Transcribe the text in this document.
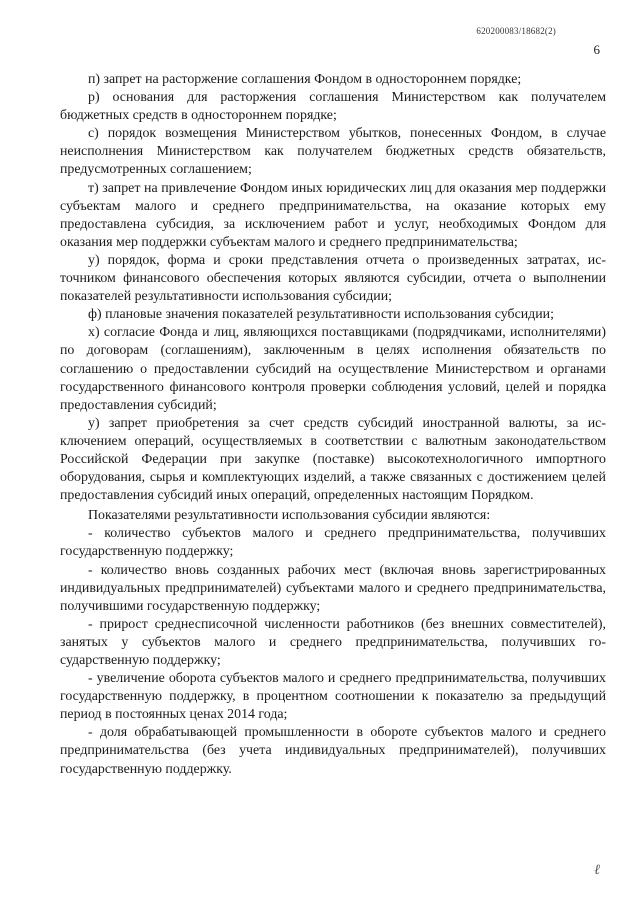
620200083/18682(2)
6

п) запрет на расторжение соглашения Фондом в одностороннем порядке;

р) основания для расторжения соглашения Министерством как получателем бюджетных средств в одностороннем порядке;

с) порядок возмещения Министерством убытков, понесенных Фондом, в случае неисполнения Министерством как получателем бюджетных средств обязательств, предусмотренных соглашением;

т) запрет на привлечение Фондом иных юридических лиц для оказания мер поддержки субъектам малого и среднего предпринимательства, на оказание которых ему предоставлена субсидия, за исключением работ и услуг, необходимых Фондом для оказания мер поддержки субъектам малого и среднего предпринимательства;

у) порядок, форма и сроки представления отчета о произведенных затратах, источником финансового обеспечения которых являются субсидии, отчета о выполнении показателей результативности использования субсидии;

ф) плановые значения показателей результативности использования субсидии;

х) согласие Фонда и лиц, являющихся поставщиками (подрядчиками, исполнителями) по договорам (соглашениям), заключенным в целях исполнения обязательств по соглашению о предоставлении субсидий на осуществление Министерством и органами государственного финансового контроля проверки соблюдения условий, целей и порядка предоставления субсидий;

у) запрет приобретения за счет средств субсидий иностранной валюты, за исключением операций, осуществляемых в соответствии с валютным законодательством Российской Федерации при закупке (поставке) высокотехнологичного импортного оборудования, сырья и комплектующих изделий, а также связанных с достижением целей предоставления субсидий иных операций, определенных настоящим Порядком.

Показателями результативности использования субсидии являются:

- количество субъектов малого и среднего предпринимательства, получивших государственную поддержку;

- количество вновь созданных рабочих мест (включая вновь зарегистрированных индивидуальных предпринимателей) субъектами малого и среднего предпринимательства, получившими государственную поддержку;

- прирост среднесписочной численности работников (без внешних совместителей), занятых у субъектов малого и среднего предпринимательства, получивших государственную поддержку;

- увеличение оборота субъектов малого и среднего предпринимательства, получивших государственную поддержку, в процентном соотношении к показателю за предыдущий период в постоянных ценах 2014 года;

- доля обрабатывающей промышленности в обороте субъектов малого и среднего предпринимательства (без учета индивидуальных предпринимателей), получивших государственную поддержку.

ℓ
